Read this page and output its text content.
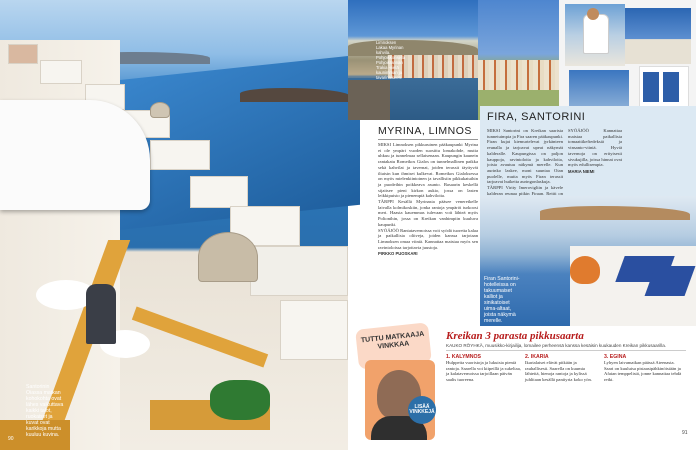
Santorinin Oiassa matkan kohokohta ovat lähes vaikuttava kaikki talot, ruokaiset ja kuvat ovat karikkoja mutta kuuluu kuvina.
90
Limnoksen Lakaa Myrinan kahvila. Pohjoiskorisella Pohjoisrannan Trakia -vielä kaunimman ja tavarinaikeen.
MYRINA, LIMNOS

MIKSI Limnoksen pikkuruinen pääkaupunki Myrina ei ole ympäri vuoden suosittu lomakohde, mutta uhkuu ja tunnelmaa sellaisenaan. Kaupungin kaunein rantakatu Romeikos Gialos on tunnelmallinen paikka sekä kahvilat ja tavernat, joiden terassit täyttyvät iltaisin kun ihmiset kulkevat. Romeikos Gialoksessa on myös mielenkiintoinen ja tavallisiin pikkukatuihin ja puodeihin poikkeava asunto. Basaarin keskellä sijaitsee pieni kirkon aukio, jossa on lasten leikkipuisto ja pienempiä kahviloita.

TÄRPPI Kesällä Myrinasta pääsee veneretkelle laivalla kolmikoskiin, jonka rantoja ympäröi turkoosi meri. Haasta kauemmas tulevaan voit lähteä myös Polionihin, jossa on Kreikan vanhimpiin kuuluva kaupunki.

SYÖÄJÖÖ Rantatavernoissa voit syödä tuoretta kalaa ja paikallisia oliiveja, joiden kanssa tarjotaan Limnoksen omaa viiniä. Kannattaa maistaa myös sen ravintoloissa tarjottavia juustoja.

PIRKKO PUOSKARI

FIRA, SANTORINI

MIKSI Santorini on Kreikan saarista tunnetuimpia ja Fira saaren pääkaupunki. Firan kujat kiemurtelevat jyrkänteen reunalla ja tarjoavat upeat näkymät kalderalle. Kaupungissa on paljon kauppoja, ravintoloita ja kahviloita, joista avautuu näkymä merelle. Kun aurinko laskee, moni suuntaa Oian puolelle, mutta myös Firan terassit tarjoavat huikeita auringonlaskuja.

TÄRPPI Virity Imerovigliin ja kävele kalderan reunaa pitkin Firaan. Reitti on

SYÖÄJÖÖ Kannattaa maistaa paikallisia tomaattikeftedeksiä ja vinsanto-viiniä. Hyviä tavernoja on erityisesti sivukujilla, joissa hinnat ovat myös edullisempia.

MARIA NIEMI

Firan Santorini-hotelleissa on takuumaiset kalliot ja sinikatoiset uima-altaat, joista näkymä merelle.
TUTTU MATKAAJA VINKKAA
LISÄÄ VINKKEJÄ
Kreikan 3 parasta pikkusaarta
KAUKO RÖYHKÄ, muusikko-kirjailija, lomailee perheensä kanssa kesäisin kuukauden Kreikan pikkusaarilla.
1. KALYMNOS
Hulppeita vuoristoja ja lukuisia pieniä rantoja. Saarella voi kiipeillä ja sukeltaa, ja kalatavernoissa tarjoillaan päivän saalis tuoreena.
2. IKARIA
Ikarialaiset elävät pitkään ja rauhallisesti. Saarella on kuumia lähteitä, hienoja rantoja ja kylissä juhlitaan kesällä paniiyria koko yön.
3. EGINA
Lyhyen laivamatkan päässä Ateenasta. Saari on kuuluisa pistaasipähkinöistään ja Afaian temppelistä, jonne kannattaa tehdä retki.
91
